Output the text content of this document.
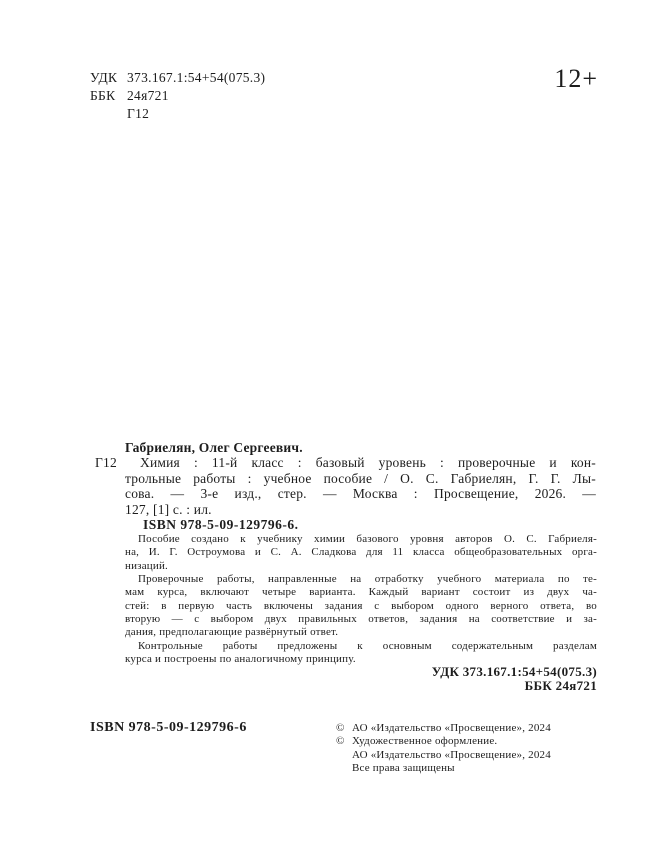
УДК 373.167.1:54+54(075.3)
ББК 24я721
Г12
12+
Габриелян, Олег Сергеевич.
Г12	Химия : 11-й класс : базовый уровень : проверочные и кон-
трольные работы : учебное пособие / О. С. Габриелян, Г. Г. Лы-
сова. — 3-е изд., стер. — Москва : Просвещение, 2026. —
127, [1] с. : ил.
ISBN 978-5-09-129796-6.
Пособие создано к учебнику химии базового уровня авторов О. С. Габриеля-
на, И. Г. Остроумова и С. А. Сладкова для 11 класса общеобразовательных орга-
низаций.
Проверочные работы, направленные на отработку учебного материала по те-
мам курса, включают четыре варианта. Каждый вариант состоит из двух ча-
стей: в первую часть включены задания с выбором одного верного ответа, во
вторую — с выбором двух правильных ответов, задания на соответствие и за-
дания, предполагающие развёрнутый ответ.
Контрольные работы предложены к основным содержательным разделам
курса и построены по аналогичному принципу.
УДК 373.167.1:54+54(075.3)
ББК 24я721
ISBN 978-5-09-129796-6	© АО «Издательство «Просвещение», 2024
© Художественное оформление.
АО «Издательство «Просвещение», 2024
Все права защищены
